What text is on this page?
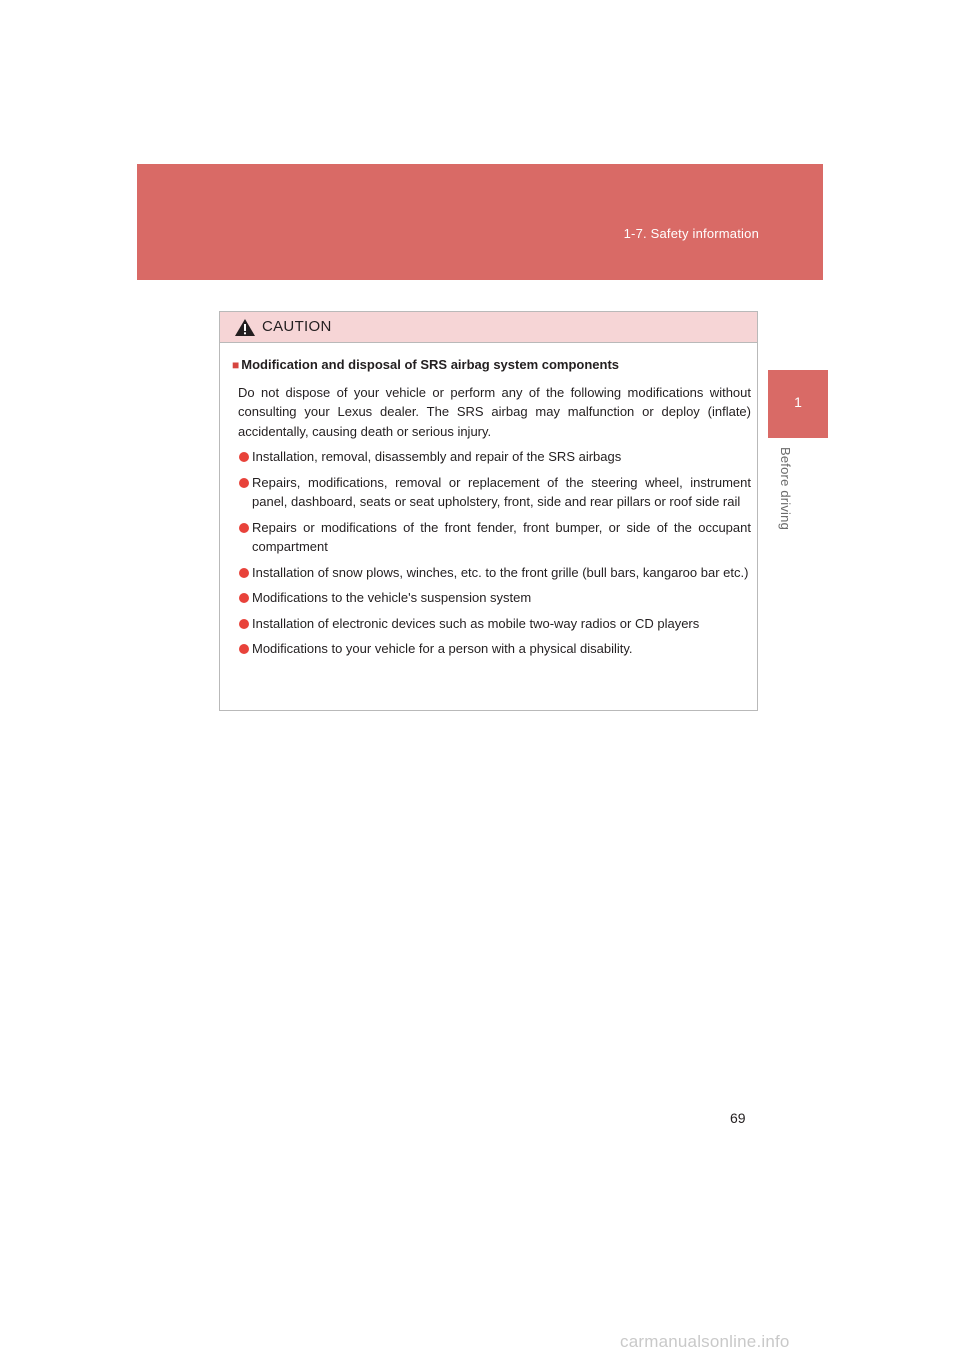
1-7. Safety information
1
Before driving
CAUTION

■ Modification and disposal of SRS airbag system components

Do not dispose of your vehicle or perform any of the following modifications without consulting your Lexus dealer. The SRS airbag may malfunction or deploy (inflate) accidentally, causing death or serious injury.

Installation, removal, disassembly and repair of the SRS airbags
Repairs, modifications, removal or replacement of the steering wheel, instrument panel, dashboard, seats or seat upholstery, front, side and rear pillars or roof side rail
Repairs or modifications of the front fender, front bumper, or side of the occupant compartment
Installation of snow plows, winches, etc. to the front grille (bull bars, kangaroo bar etc.)
Modifications to the vehicle's suspension system
Installation of electronic devices such as mobile two-way radios or CD players
Modifications to your vehicle for a person with a physical disability.
69
carmanualsonline.info
